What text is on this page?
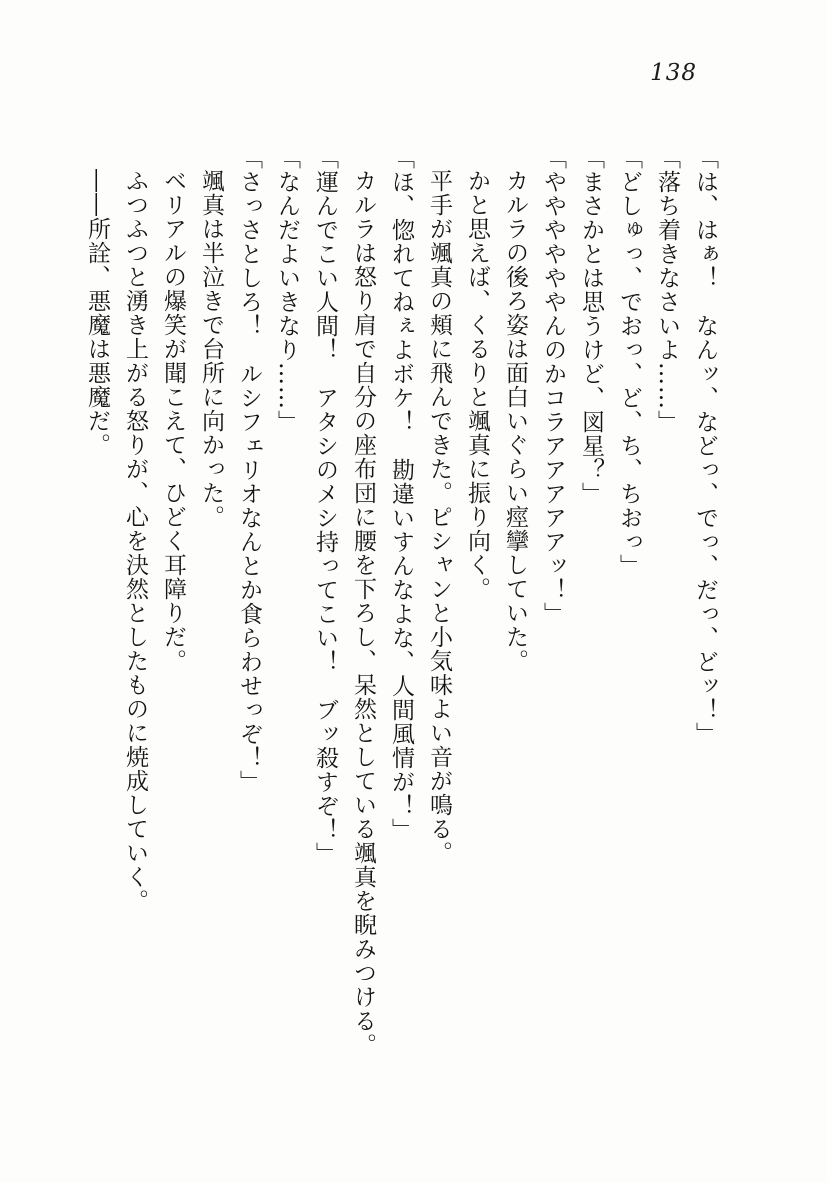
138

「は、はぁ！　なんッ、などっ、でっ、だっ、どッ！」

「落ち着きなさいよ……」

「どしゅっ、でおっ、ど、ち、ちおっ」

「まさかとは思うけど、図星？」

「ややややややんのかコラアアアアアッ！」

カルラの後ろ姿は面白いぐらい痙攣していた。

かと思えば、くるりと颯真に振り向く。

平手が颯真の頬に飛んできた。ピシャンと小気味よい音が鳴る。

「ほ、惚れてねぇよボケ！　勘違いすんなよな、人間風情が！」

カルラは怒り肩で自分の座布団に腰を下ろし、呆然としている颯真を睨みつける。

「運んでこい人間！　アタシのメシ持ってこい！　ブッ殺すぞ！」

「なんだよいきなり……」

「さっさとしろ！　ルシフェリオなんとか食らわせっぞ！」

颯真は半泣きで台所に向かった。

ベリアルの爆笑が聞こえて、ひどく耳障りだ。

ふつふつと湧き上がる怒りが、心を決然としたものに焼成していく。

――所詮、悪魔は悪魔だ。
